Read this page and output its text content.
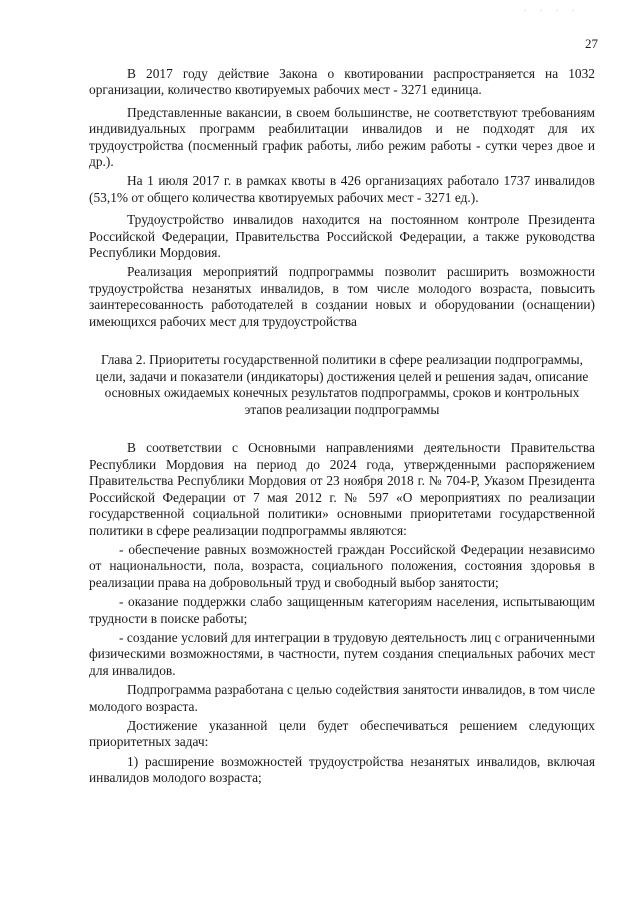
. . . .
27

В 2017 году действие Закона о квотировании распространяется на 1032 организации, количество квотируемых рабочих мест - 3271 единица.

Представленные вакансии, в своем большинстве, не соответствуют требованиям индивидуальных программ реабилитации инвалидов и не подходят для их трудоустройства (посменный график работы, либо режим работы - сутки через двое и др.).

На 1 июля 2017 г. в рамках квоты в 426 организациях работало 1737 инвалидов (53,1% от общего количества квотируемых рабочих мест - 3271 ед.).

Трудоустройство инвалидов находится на постоянном контроле Президента Российской Федерации, Правительства Российской Федерации, а также руководства Республики Мордовия.

Реализация мероприятий подпрограммы позволит расширить возможности трудоустройства незанятых инвалидов, в том числе молодого возраста, повысить заинтересованность работодателей в создании новых и оборудовании (оснащении) имеющихся рабочих мест для трудоустройства

Глава 2. Приоритеты государственной политики в сфере реализации подпрограммы, цели, задачи и показатели (индикаторы) достижения целей и решения задач, описание основных ожидаемых конечных результатов подпрограммы, сроков и контрольных этапов реализации подпрограммы

В соответствии с Основными направлениями деятельности Правительства Республики Мордовия на период до 2024 года, утвержденными распоряжением Правительства Республики Мордовия от 23 ноября 2018 г. № 704-Р, Указом Президента Российской Федерации от 7 мая 2012 г. № 597 «О мероприятиях по реализации государственной социальной политики» основными приоритетами государственной политики в сфере реализации подпрограммы являются:

- обеспечение равных возможностей граждан Российской Федерации независимо от национальности, пола, возраста, социального положения, состояния здоровья в реализации права на добровольный труд и свободный выбор занятости;

- оказание поддержки слабо защищенным категориям населения, испытывающим трудности в поиске работы;

- создание условий для интеграции в трудовую деятельность лиц с ограниченными физическими возможностями, в частности, путем создания специальных рабочих мест для инвалидов.

Подпрограмма разработана с целью содействия занятости инвалидов, в том числе молодого возраста.

Достижение указанной цели будет обеспечиваться решением следующих приоритетных задач:

1) расширение возможностей трудоустройства незанятых инвалидов, включая инвалидов молодого возраста;
